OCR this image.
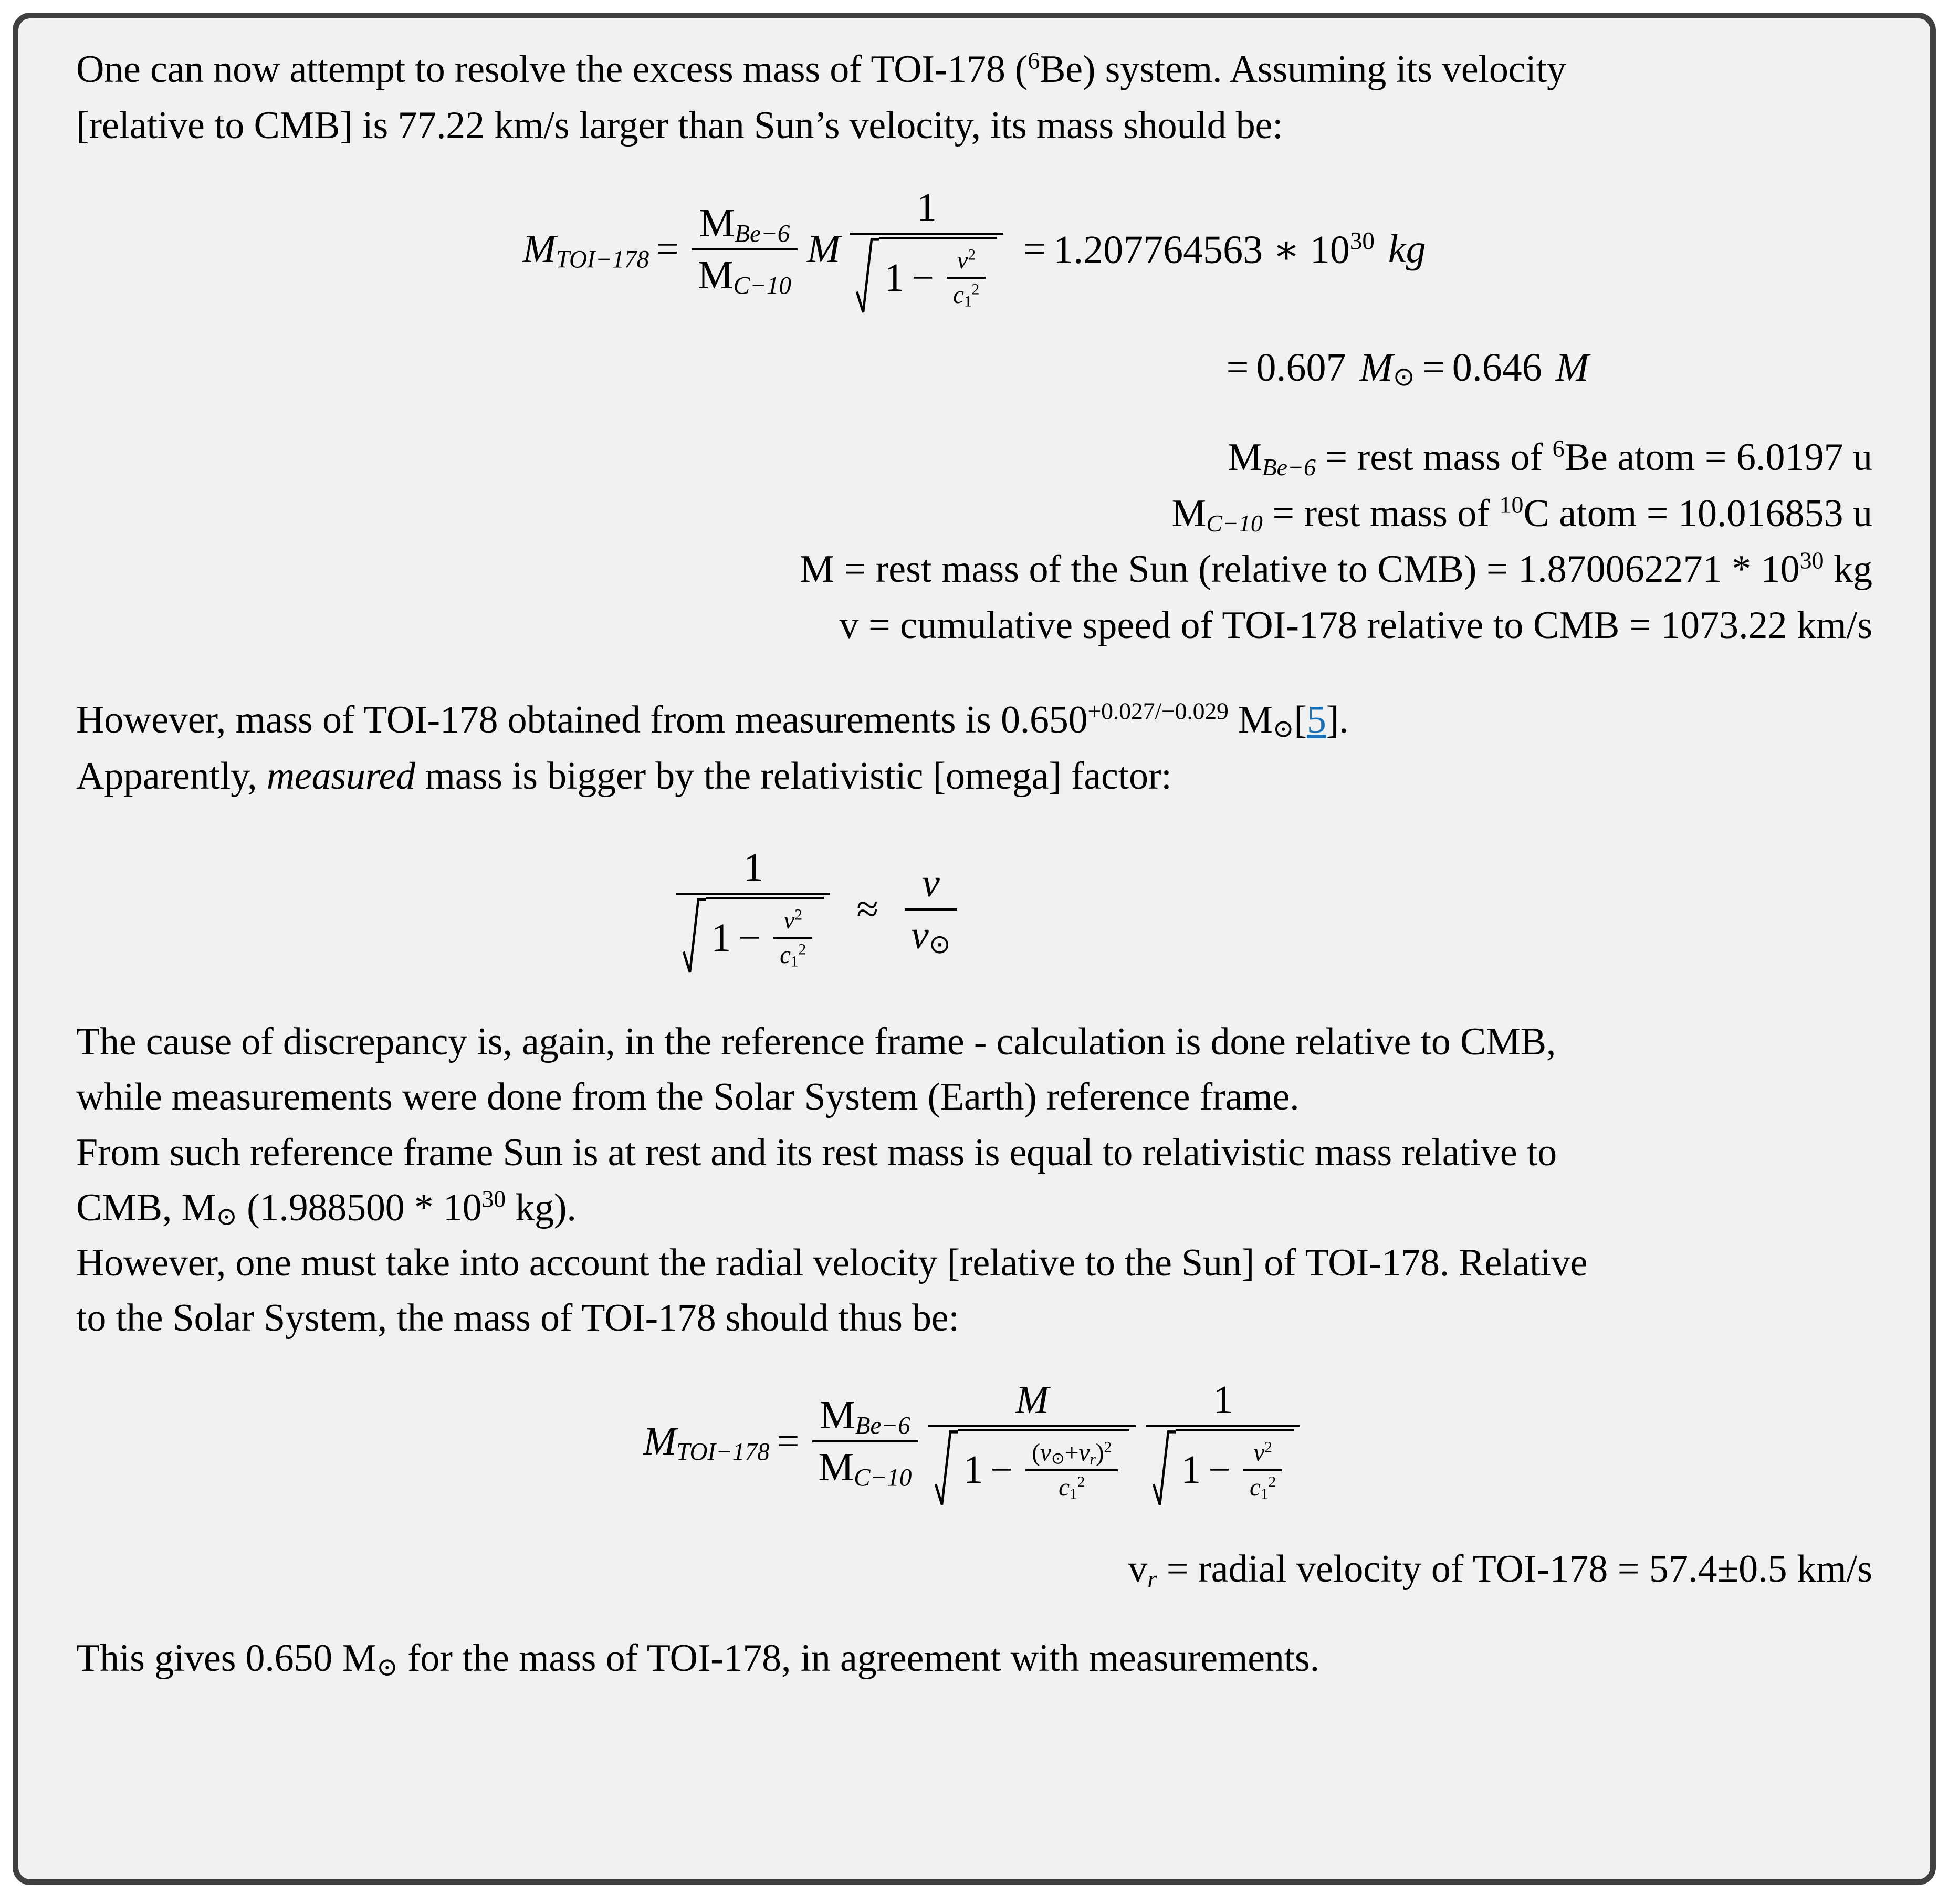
One can now attempt to resolve the excess mass of TOI-178 ($^6$Be) system. Assuming its velocity
[relative to CMB] is 77.22 km/s larger than Sun’s velocity, its mass should be:
$M_{TOI-178} = \frac{M_{Be-6}}{M_{C-10}}$ M
1
$1 - \frac{v^2}{c_1^2} = 1.207764563$ ∗ $10^{30}$ kg
= 0.607 $M_⊙ = 0.646$ M
$M_{Be-6}$ = rest mass of $^6$Be atom = 6.0197 u
$M_{C-10}$ = rest mass of $^{10}$C atom = 10.016853 u
M = rest mass of the Sun (relative to $CMB) = 1.870062271 * 10^{30}$ kg
v = cumulative speed of TOI-178 relative to CMB = 1073.22 km/s
However, mass of TOI-178 obtained from measurements is $0.650^{+0.027/-0.029}$ $M_⊙[5]$.
Apparently, measured mass is bigger by the relativistic [omega] factor:
1
$1 - \frac{v^2}{c_1^2} \approx \frac{v}{v_⊙}$
The cause of discrepancy is, again, in the reference frame - calculation is done relative to CMB,
while measurements were done from the Solar System (Earth) reference frame.
From such reference frame Sun is at rest and its rest mass is equal to relativistic mass relative to
CMB, $M_⊙$ ($1.988500 * 10^{30}$ kg).
However, one must take into account the radial velocity [relative to the Sun] of TOI-178. Relative
to the Solar System, the mass of TOI-178 should thus be:
$M_{TOI-178} = \frac{M_{Be-6}}{M_{C-10}}$ M
$1 - \frac{(v_⊙+v_r)^2}{c_1^2}$
1
$1 - \frac{v^2}{c_1^2}$
$v_r$ = radial velocity of TOI-178 = 57.4±0.5 km/s
This gives 0.650 $M_⊙$ for the mass of TOI-178, in agreement with measurements.
